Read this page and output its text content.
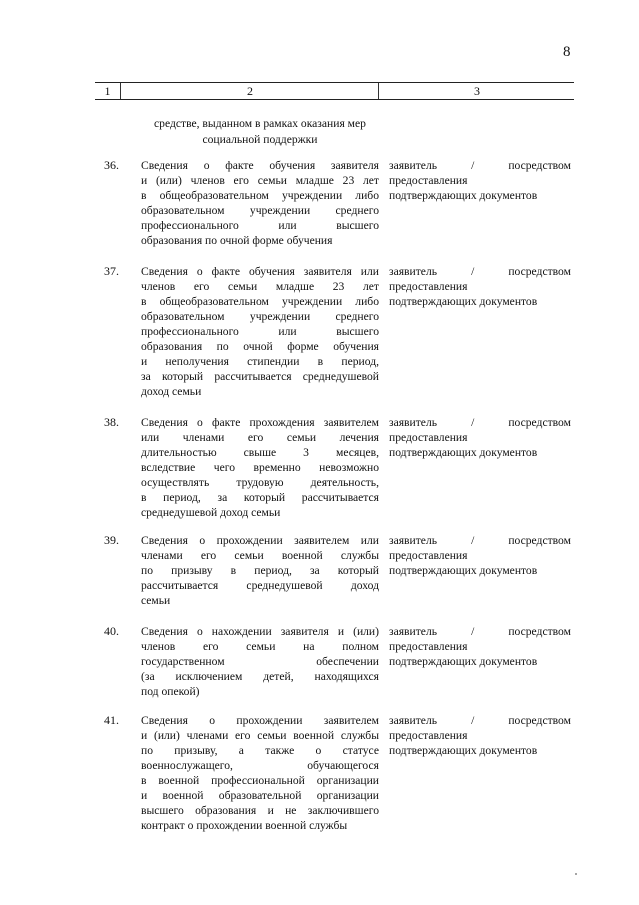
8
1	2	3
средстве, выданном в рамках оказания мер
социальной поддержки
36. Сведения о факте обучения заявителя
и (или) членов его семьи младше 23 лет
в общеобразовательном учреждении либо
образовательном учреждении среднего
профессионального или высшего
образования по очной форме обучения
заявитель	/	посредством
предоставления
подтверждающих документов
37. Сведения о факте обучения заявителя или
членов его семьи младше 23 лет
в общеобразовательном учреждении либо
образовательном учреждении среднего
профессионального или высшего
образования по очной форме обучения
и неполучения стипендии в период,
за который рассчитывается среднедушевой
доход семьи
заявитель	/	посредством
предоставления
подтверждающих документов
38. Сведения о факте прохождения заявителем
или членами его семьи лечения
длительностью свыше 3 месяцев,
вследствие чего временно невозможно
осуществлять трудовую деятельность,
в период, за который рассчитывается
среднедушевой доход семьи
заявитель	/	посредством
предоставления
подтверждающих документов
39. Сведения о прохождении заявителем или
членами его семьи военной службы
по призыву в период, за который
рассчитывается среднедушевой доход
семьи
заявитель	/	посредством
предоставления
подтверждающих документов
40. Сведения о нахождении заявителя и (или)
членов его семьи на полном
государственном обеспечении
(за исключением детей, находящихся
под опекой)
заявитель	/	посредством
предоставления
подтверждающих документов
41. Сведения о прохождении заявителем
и (или) членами его семьи военной службы
по призыву, а также о статусе
военнослужащего, обучающегося
в военной профессиональной организации
и военной образовательной организации
высшего образования и не заключившего
контракт о прохождении военной службы
заявитель	/	посредством
предоставления
подтверждающих документов
